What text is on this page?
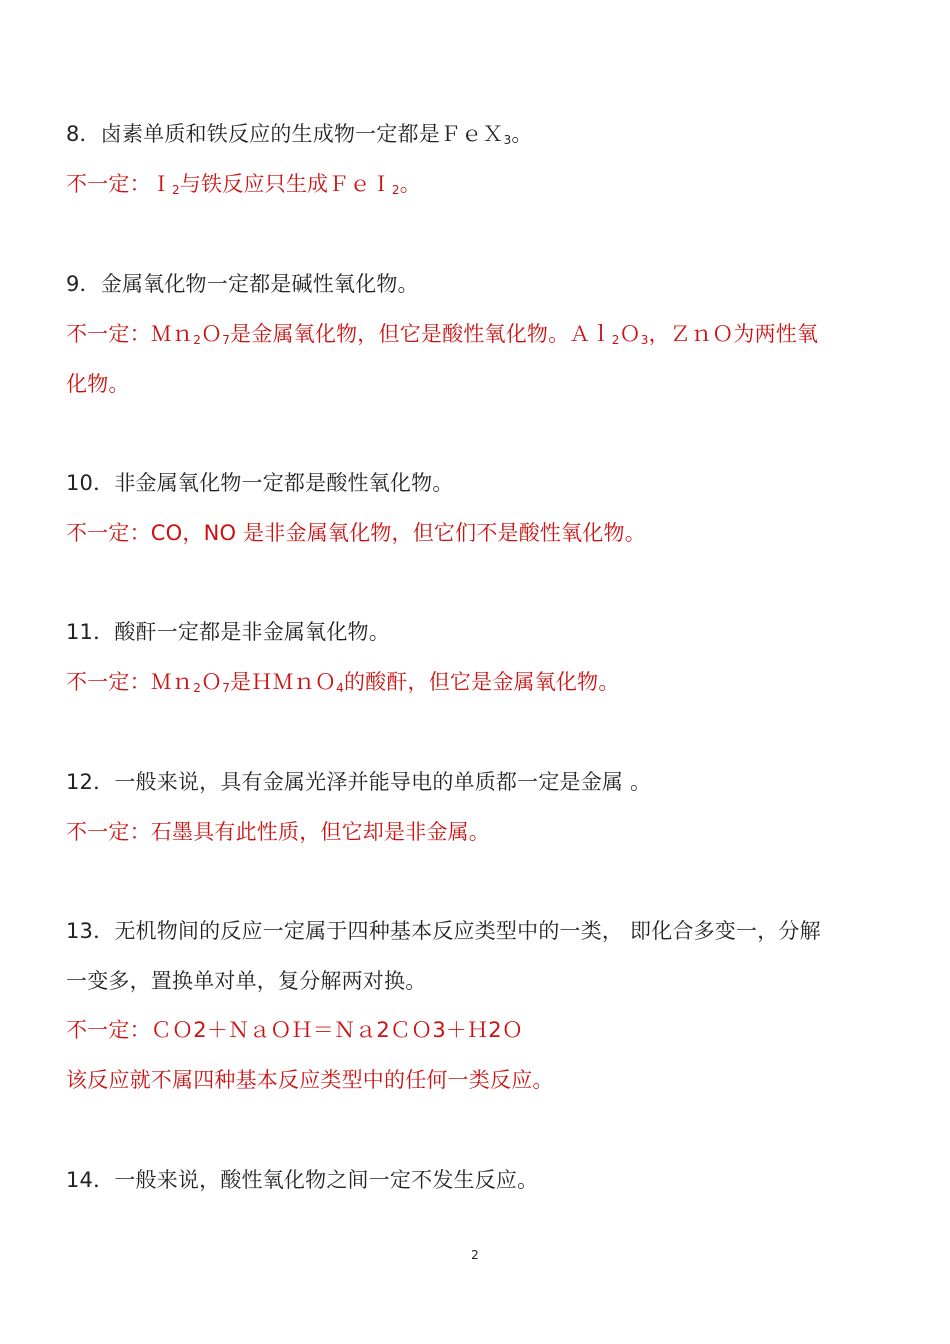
8．卤素单质和铁反应的生成物一定都是ＦｅＸ$_3$。
不一定：Ｉ$_2$与铁反应只生成ＦｅＩ$_2$。
9．金属氧化物一定都是碱性氧化物。
不一定：Ｍｎ$_2$Ｏ$_7$是金属氧化物，但它是酸性氧化物。Ａｌ$_2$Ｏ$_3$，ＺｎＯ为两性氧
化物。
10．非金属氧化物一定都是酸性氧化物。
不一定：CO，NO 是非金属氧化物，但它们不是酸性氧化物。
11．酸酐一定都是非金属氧化物。
不一定：Ｍｎ$_2$Ｏ$_7$是ＨＭｎＯ$_4$的酸酐，但它是金属氧化物。
12．一般来说，具有金属光泽并能导电的单质都一定是金属 。
不一定：石墨具有此性质，但它却是非金属。
13．无机物间的反应一定属于四种基本反应类型中的一类， 即化合多变一，分解
一变多，置换单对单，复分解两对换。
不一定：ＣＯ2＋ＮａＯＨ＝Ｎａ2ＣＯ3＋Ｈ2Ｏ
该反应就不属四种基本反应类型中的任何一类反应。
14．一般来说，酸性氧化物之间一定不发生反应。
2
